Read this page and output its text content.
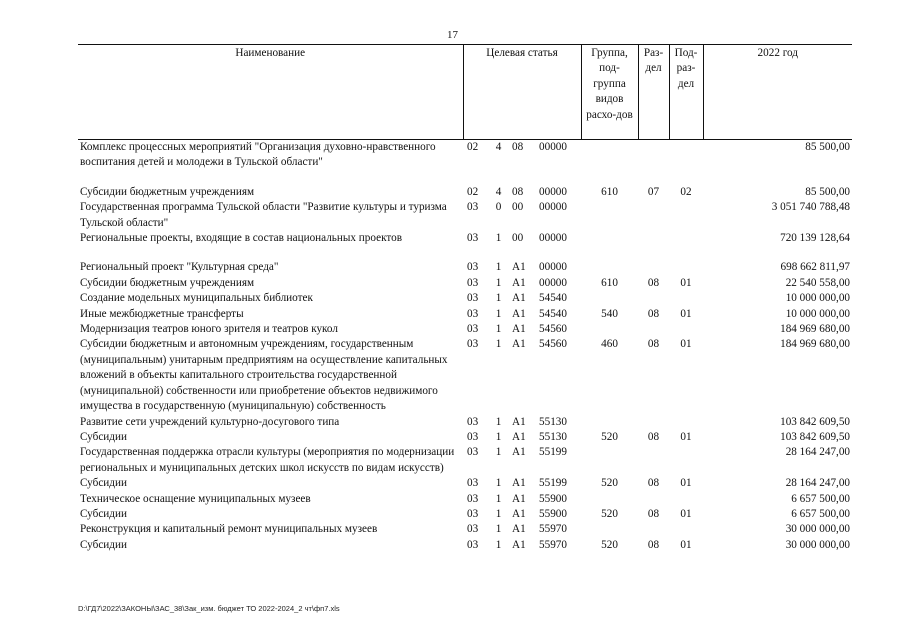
17
Наименование	Целевая статья				Группа, под-группа видов расхо-дов	Раз-дел	Под-раз-дел	2022 год
Комплекс процессных мероприятий "Организация духовно-нравственного воспитания детей и молодежи в Тульской области"	02	4	08	00000				85 500,00

Субсидии бюджетным учреждениям	02	4	08	00000	610	07	02	85 500,00
Государственная программа Тульской области "Развитие культуры и туризма Тульской области"	03	0	00	00000				3 051 740 788,48
Региональные проекты, входящие в состав национальных проектов	03	1	00	00000				720 139 128,64

Региональный проект "Культурная среда"	03	1	A1	00000				698 662 811,97
Субсидии бюджетным учреждениям	03	1	A1	00000	610	08	01	22 540 558,00
Создание модельных муниципальных библиотек	03	1	A1	54540				10 000 000,00
Иные межбюджетные трансферты	03	1	A1	54540	540	08	01	10 000 000,00
Модернизация театров юного зрителя и театров кукол	03	1	A1	54560				184 969 680,00
Субсидии бюджетным и автономным учреждениям, государственным (муниципальным) унитарным предприятиям на осуществление капитальных вложений в объекты капитального строительства государственной (муниципальной) собственности или приобретение объектов недвижимого имущества в государственную (муниципальную) собственность	03	1	A1	54560	460	08	01	184 969 680,00
Развитие сети учреждений культурно-досугового типа	03	1	A1	55130				103 842 609,50
Субсидии	03	1	A1	55130	520	08	01	103 842 609,50
Государственная поддержка отрасли культуры (мероприятия по модернизации региональных и муниципальных детских школ искусств по видам искусств)	03	1	A1	55199				28 164 247,00
Субсидии	03	1	A1	55199	520	08	01	28 164 247,00
Техническое оснащение муниципальных музеев	03	1	A1	55900				6 657 500,00
Субсидии	03	1	A1	55900	520	08	01	6 657 500,00
Реконструкция и капитальный ремонт муниципальных музеев	03	1	A1	55970				30 000 000,00
Субсидии	03	1	A1	55970	520	08	01	30 000 000,00
D:\ГД7\2022\ЗАКОНЫ\ЗАС_38\Зак_изм. бюджет ТО 2022-2024_2 чт\фп7.xls
